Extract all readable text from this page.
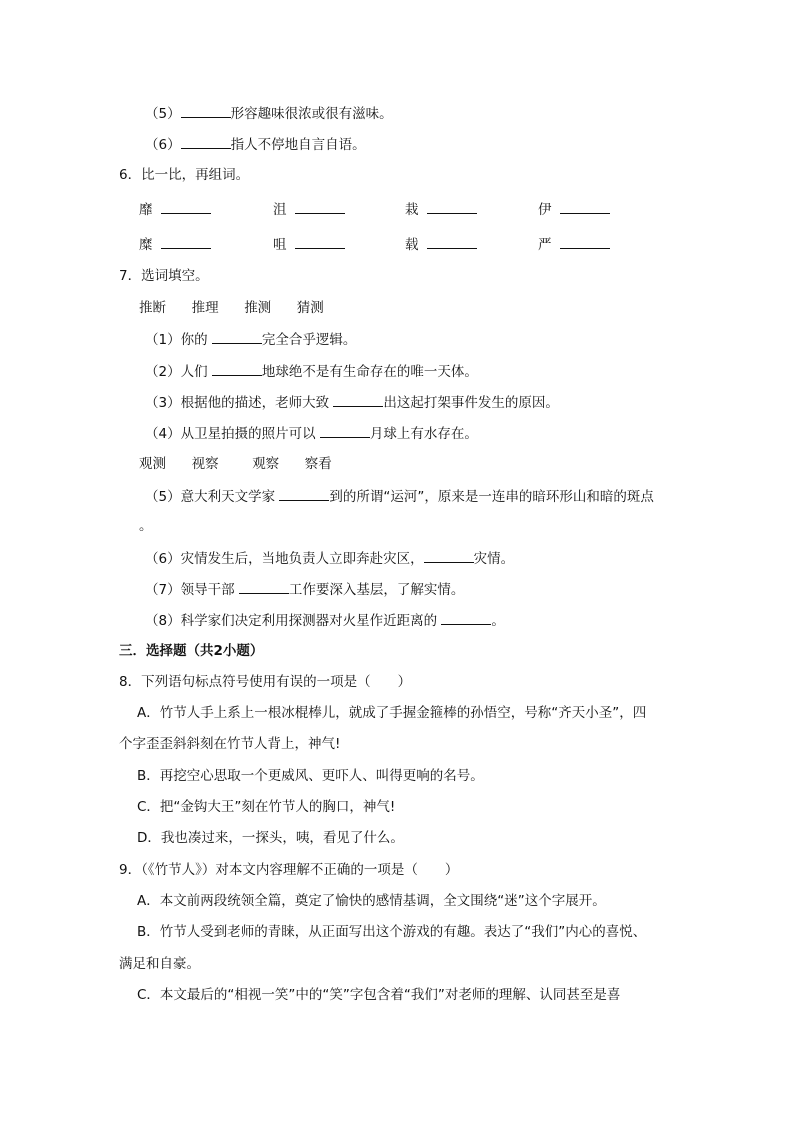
（5）	形容趣味很浓或很有滋味。
（6）	指人不停地自言自语。
6．比一比，再组词。
靡	沮	栽	伊
糜	咀	载	严
7．选词填空。
推断 推理 推测 猜测
（1）你的	完全合乎逻辑。
（2）人们	地球绝不是有生命存在的唯一天体。
（3）根据他的描述，老师大致	出这起打架事件发生的原因。
（4）从卫星拍摄的照片可以	月球上有水存在。
观测 视察 观察 察看
（5）意大利天文学家	到的所谓“运河”，原来是一连串的暗环形山和暗的斑点
。
（6）灾情发生后，当地负责人立即奔赴灾区，	灾情。
（7）领导干部	工作要深入基层，了解实情。
（8）科学家们决定利用探测器对火星作近距离的	。
三．选择题（共2小题）
8．下列语句标点符号使用有误的一项是（　　）
A．竹节人手上系上一根冰棍棒儿，就成了手握金箍棒的孙悟空，号称“齐天小圣”，四
个字歪歪斜斜刻在竹节人背上，神气!
B．再挖空心思取一个更威风、更吓人、叫得更响的名号。
C．把“金钩大王”刻在竹节人的胸口，神气!
D．我也凑过来，一探头，咦，看见了什么。
9．（《竹节人》）对本文内容理解不正确的一项是（　　）
A．本文前两段统领全篇，奠定了愉快的感情基调，全文围绕“迷”这个字展开。
B．竹节人受到老师的青睐，从正面写出这个游戏的有趣。表达了“我们”内心的喜悦、
满足和自豪。
C．本文最后的“相视一笑”中的“笑”字包含着“我们”对老师的理解、认同甚至是喜
